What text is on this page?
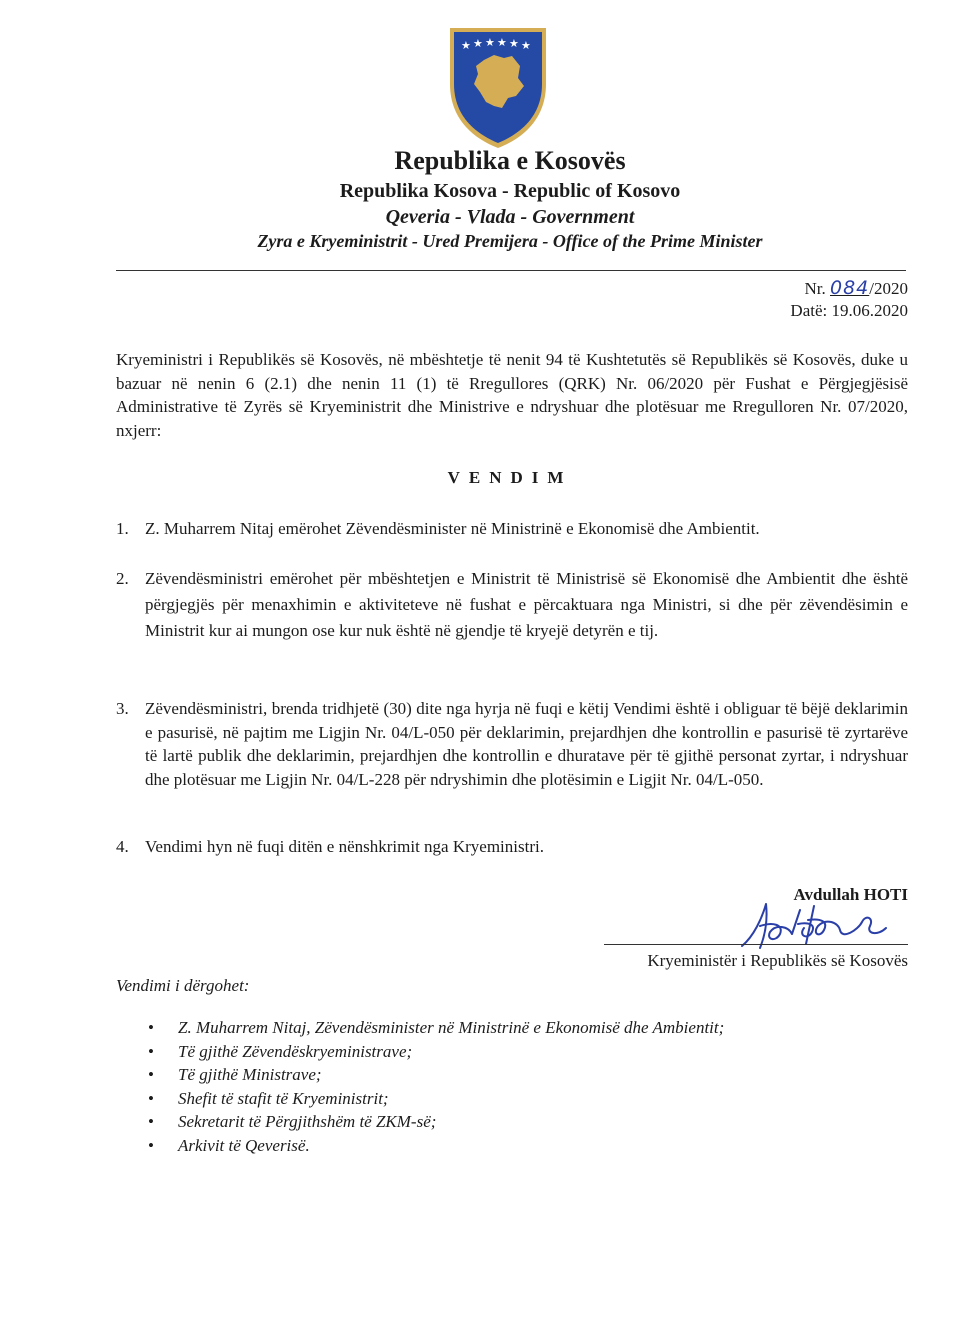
★ ★ ★ ★ ★ ★
Republika e Kosovës
Republika Kosova - Republic of Kosovo
Qeveria - Vlada - Government
Zyra e Kryeministrit - Ured Premijera - Office of the Prime Minister
Nr. 084/2020
Datë: 19.06.2020
Kryeministri i Republikës së Kosovës, në mbështetje të nenit 94 të Kushtetutës së Republikës së Kosovës, duke u bazuar në nenin 6 (2.1) dhe nenin 11 (1) të Rregullores (QRK) Nr. 06/2020 për Fushat e Përgjegjësisë Administrative të Zyrës së Kryeministrit dhe Ministrive e ndryshuar dhe plotësuar me Rregulloren Nr. 07/2020, nxjerr:
VENDIM
1. Z. Muharrem Nitaj emërohet Zëvendësminister në Ministrinë e Ekonomisë dhe Ambientit.
2. Zëvendësministri emërohet për mbështetjen e Ministrit të Ministrisë së Ekonomisë dhe Ambientit dhe është përgjegjës për menaxhimin e aktiviteteve në fushat e përcaktuara nga Ministri, si dhe për zëvendësimin e Ministrit kur ai mungon ose kur nuk është në gjendje të kryejë detyrën e tij.
3. Zëvendësministri, brenda tridhjetë (30) dite nga hyrja në fuqi e këtij Vendimi është i obliguar të bëjë deklarimin e pasurisë, në pajtim me Ligjin Nr. 04/L-050 për deklarimin, prejardhjen dhe kontrollin e pasurisë të zyrtarëve të lartë publik dhe deklarimin, prejardhjen dhe kontrollin e dhuratave për të gjithë personat zyrtar, i ndryshuar dhe plotësuar me Ligjin Nr. 04/L-228 për ndryshimin dhe plotësimin e Ligjit Nr. 04/L-050.
4. Vendimi hyn në fuqi ditën e nënshkrimit nga Kryeministri.
Avdullah HOTI
Kryeministër i Republikës së Kosovës
Vendimi i dërgohet:
• Z. Muharrem Nitaj, Zëvendësminister në Ministrinë e Ekonomisë dhe Ambientit;
• Të gjithë Zëvendëskryeministrave;
• Të gjithë Ministrave;
• Shefit të stafit të Kryeministrit;
• Sekretarit të Përgjithshëm të ZKM-së;
• Arkivit të Qeverisë.
